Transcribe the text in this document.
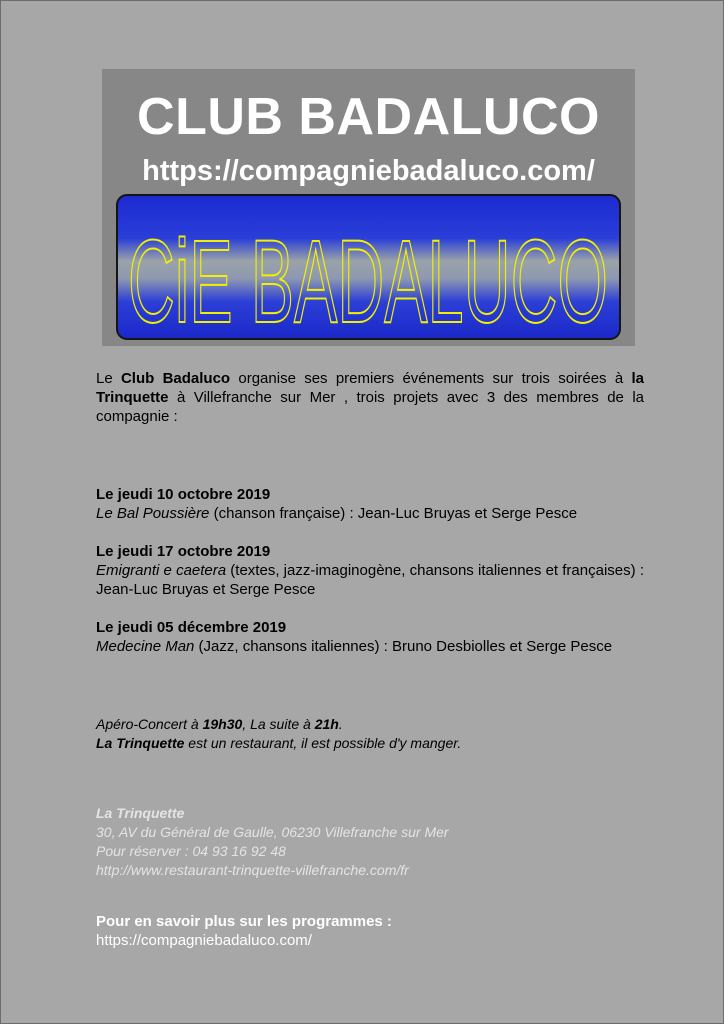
CLUB BADALUCO
https://compagniebadaluco.com/
CiE BADALUCO
Le Club Badaluco organise ses premiers événements sur trois soirées à la Trinquette à Villefranche sur Mer , trois projets avec 3 des membres de la compagnie :
Le jeudi 10 octobre 2019
Le Bal Poussière (chanson française) : Jean-Luc Bruyas et Serge Pesce
Le jeudi 17 octobre 2019
Emigranti e caetera (textes, jazz-imaginogène, chansons italiennes et françaises) : Jean-Luc Bruyas et Serge Pesce
Le jeudi 05 décembre 2019
Medecine Man (Jazz, chansons italiennes) : Bruno Desbiolles et Serge Pesce
Apéro-Concert à 19h30, La suite à 21h.
La Trinquette est un restaurant, il est possible d'y manger.
La Trinquette
30, AV du Général de Gaulle, 06230 Villefranche sur Mer
Pour réserver : 04 93 16 92 48
http://www.restaurant-trinquette-villefranche.com/fr
Pour en savoir plus sur les programmes :
https://compagniebadaluco.com/
